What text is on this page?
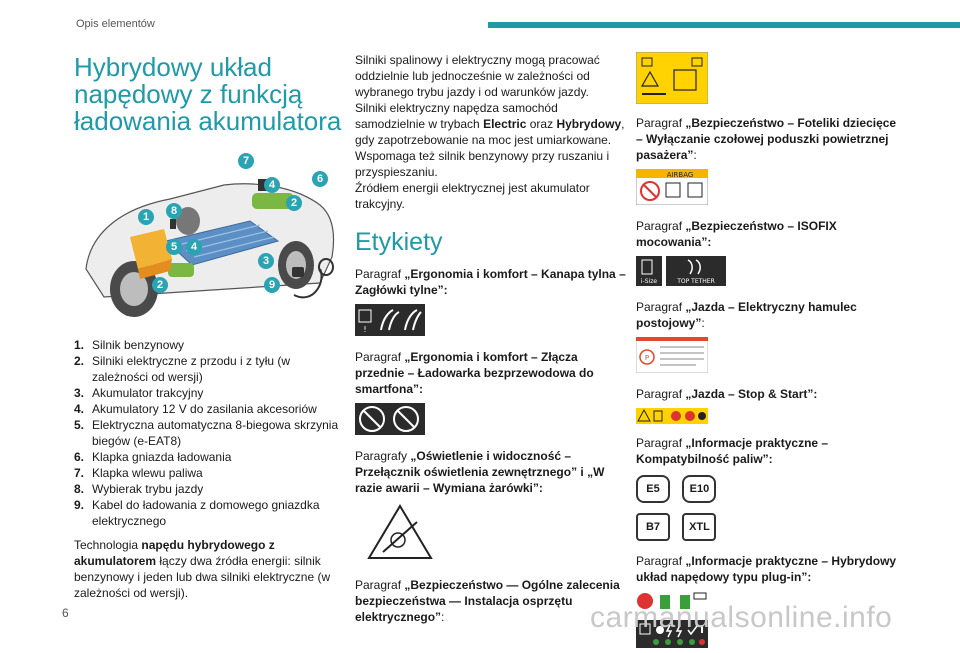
Opis elementów
Hybrydowy układ napędowy z funkcją ładowania akumulatora
7
4	6
2
8
1
5	4
3
2	9
1. Silnik benzynowy
2. Silniki elektryczne z przodu i z tyłu (w zależności od wersji)
3. Akumulator trakcyjny
4. Akumulatory 12 V do zasilania akcesoriów
5. Elektryczna automatyczna 8-biegowa skrzynia biegów (e-EAT8)
6. Klapka gniazda ładowania
7. Klapka wlewu paliwa
8. Wybierak trybu jazdy
9. Kabel do ładowania z domowego gniazdka elektrycznego

Technologia napędu hybrydowego z akumulatorem łączy dwa źródła energii: silnik benzynowy i jeden lub dwa silniki elektryczne (w zależności od wersji).

Silniki spalinowy i elektryczny mogą pracować oddzielnie lub jednocześnie w zależności od wybranego trybu jazdy i od warunków jazdy.

Silniki elektryczny napędza samochód samodzielnie w trybach Electric oraz Hybrydowy, gdy zapotrzebowanie na moc jest umiarkowane.

Wspomaga też silnik benzynowy przy ruszaniu i przyspieszaniu.

Źródłem energii elektrycznej jest akumulator trakcyjny.

Etykiety

Paragraf „Ergonomia i komfort – Kanapa tylna – Zagłówki tylne”:

!

Paragraf „Ergonomia i komfort – Złącza przednie – Ładowarka bezprzewodowa do smartfona”:

Paragrafy „Oświetlenie i widoczność – Przełącznik oświetlenia zewnętrznego” i „W razie awarii – Wymiana żarówki”:

Paragraf „Bezpieczeństwo — Ogólne zalecenia bezpieczeństwa — Instalacja osprzętu elektrycznego”:

Paragraf „Bezpieczeństwo – Foteliki dziecięce – Wyłączanie czołowej poduszki powietrznej pasażera”:

AIRBAG

Paragraf „Bezpieczeństwo – ISOFIX mocowania”:

i-Size	TOP TETHER

Paragraf „Jazda – Elektryczny hamulec postojowy”:

P

Paragraf „Jazda – Stop & Start”:

Paragraf „Informacje praktyczne – Kompatybilność paliw”:

E5	E10
B7	XTL

Paragraf „Informacje praktyczne – Hybrydowy układ napędowy typu plug-in”:

6	carmanualsonline.info
